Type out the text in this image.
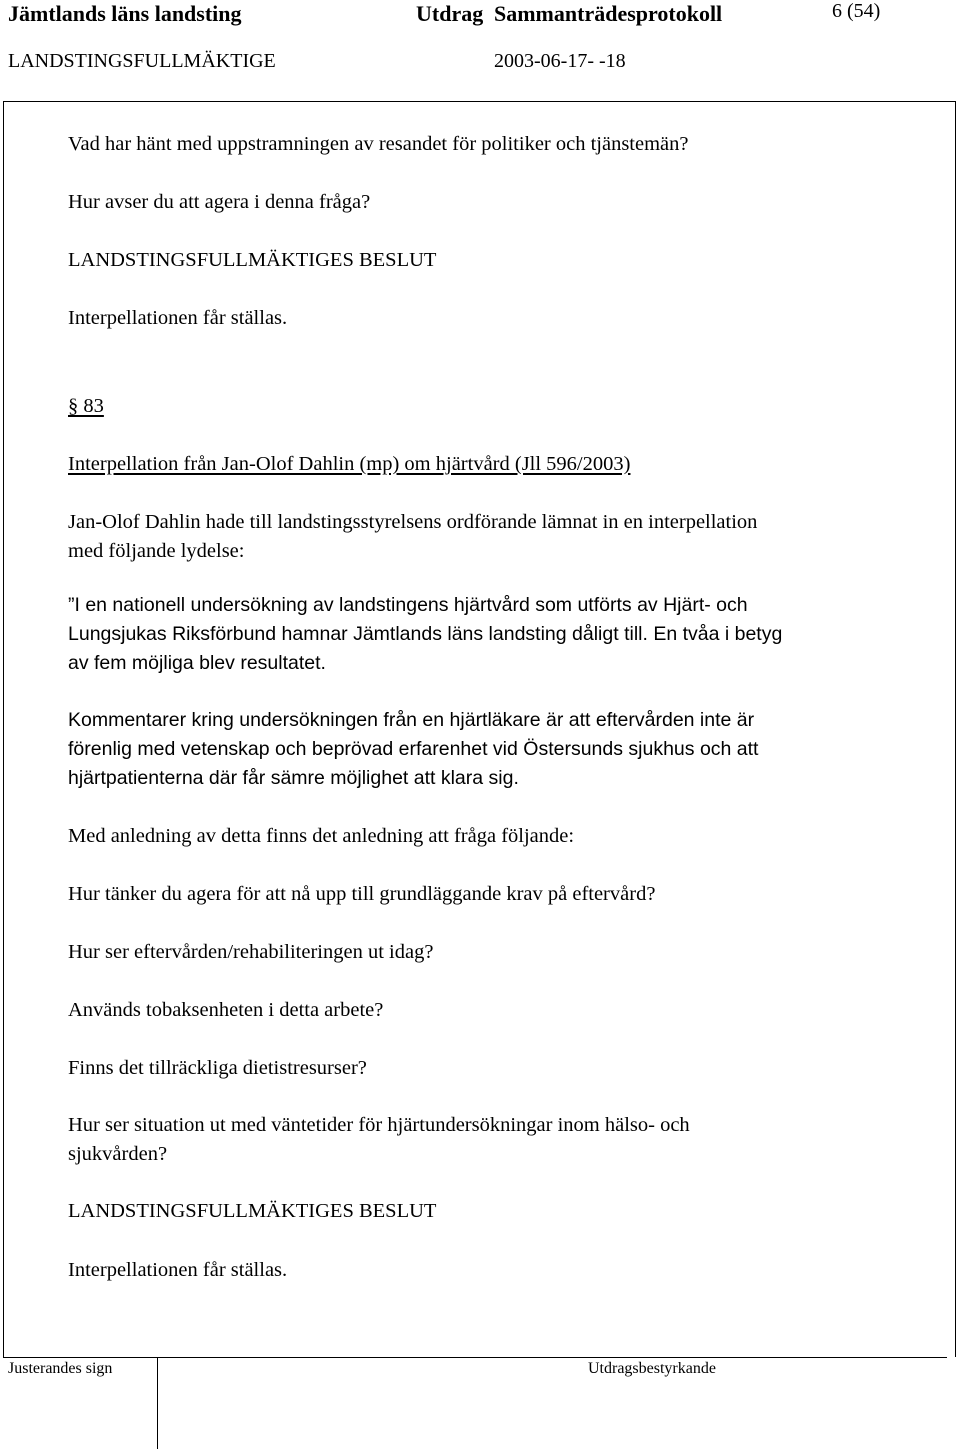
Jämtlands läns landsting	Utdrag Sammanträdesprotokoll	6 (54)
LANDSTINGSFULLMÄKTIGE	2003-06-17- -18
Vad har hänt med uppstramningen av resandet för politiker och tjänstemän?
Hur avser du att agera i denna fråga?
LANDSTINGSFULLMÄKTIGES BESLUT
Interpellationen får ställas.
§ 83
Interpellation från Jan-Olof Dahlin (mp) om hjärtvård (Jll 596/2003)
Jan-Olof Dahlin hade till landstingsstyrelsens ordförande lämnat in en interpellation
med följande lydelse:
”I en nationell undersökning av landstingens hjärtvård som utförts av Hjärt- och
Lungsjukas Riksförbund hamnar Jämtlands läns landsting dåligt till. En tvåa i betyg
av fem möjliga blev resultatet.
Kommentarer kring undersökningen från en hjärtläkare är att eftervården inte är
förenlig med vetenskap och beprövad erfarenhet vid Östersunds sjukhus och att
hjärtpatienterna där får sämre möjlighet att klara sig.
Med anledning av detta finns det anledning att fråga följande:
Hur tänker du agera för att nå upp till grundläggande krav på eftervård?
Hur ser eftervården/rehabiliteringen ut idag?
Används tobaksenheten i detta arbete?
Finns det tillräckliga dietistresurser?
Hur ser situation ut med väntetider för hjärtundersökningar inom hälso- och
sjukvården?
LANDSTINGSFULLMÄKTIGES BESLUT
Interpellationen får ställas.
Justerandes sign	Utdragsbestyrkande
